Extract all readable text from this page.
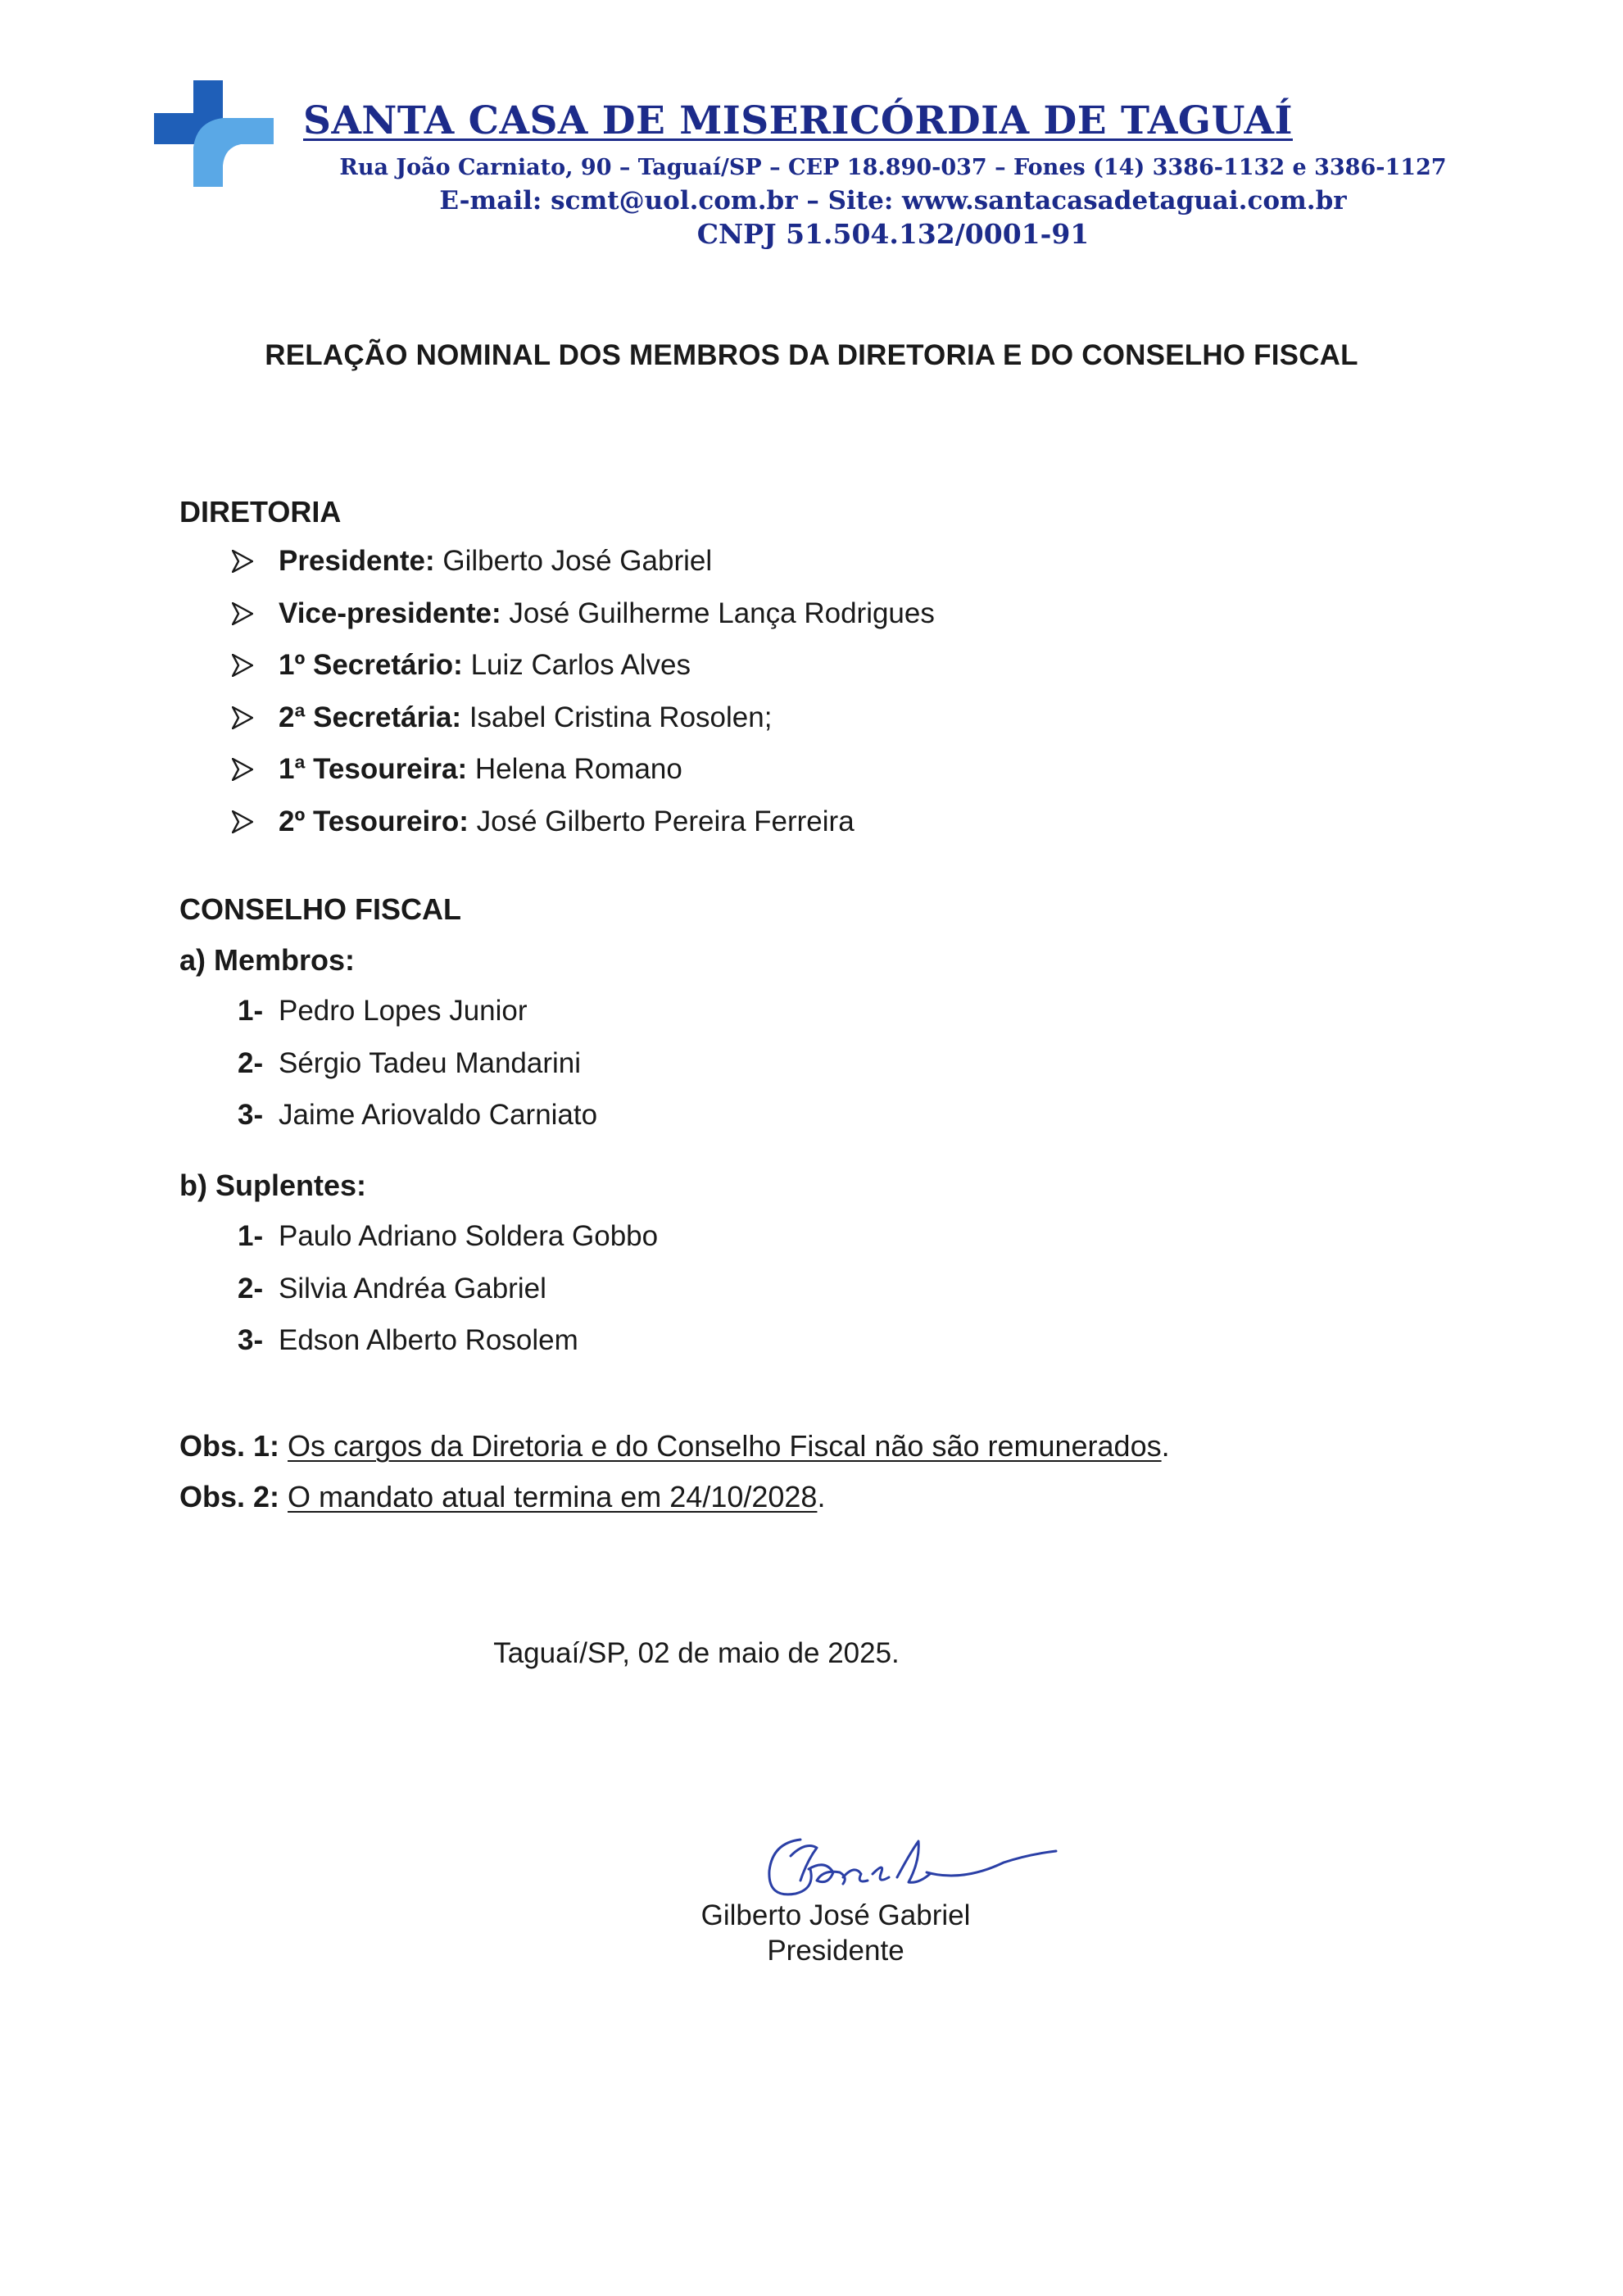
SANTA CASA DE MISERICÓRDIA DE TAGUAÍ

Rua João Carniato, 90 – Taguaí/SP – CEP 18.890-037 – Fones (14) 3386-1132 e 3386-1127

E-mail: scmt@uol.com.br – Site: www.santacasadetaguai.com.br

CNPJ 51.504.132/0001-91

RELAÇÃO NOMINAL DOS MEMBROS DA DIRETORIA E DO CONSELHO FISCAL
DIRETORIA
Presidente: Gilberto José Gabriel
Vice-presidente: José Guilherme Lança Rodrigues
1º Secretário: Luiz Carlos Alves
2ª Secretária: Isabel Cristina Rosolen;
1ª Tesoureira: Helena Romano
2º Tesoureiro: José Gilberto Pereira Ferreira
CONSELHO FISCAL
a) Membros:
1- Pedro Lopes Junior
2- Sérgio Tadeu Mandarini
3- Jaime Ariovaldo Carniato
b) Suplentes:
1- Paulo Adriano Soldera Gobbo
2- Silvia Andréa Gabriel
3- Edson Alberto Rosolem

Obs. 1: Os cargos da Diretoria e do Conselho Fiscal não são remunerados.

Obs. 2: O mandato atual termina em 24/10/2028.

Taguaí/SP, 02 de maio de 2025.

Gilberto José Gabriel

Presidente
